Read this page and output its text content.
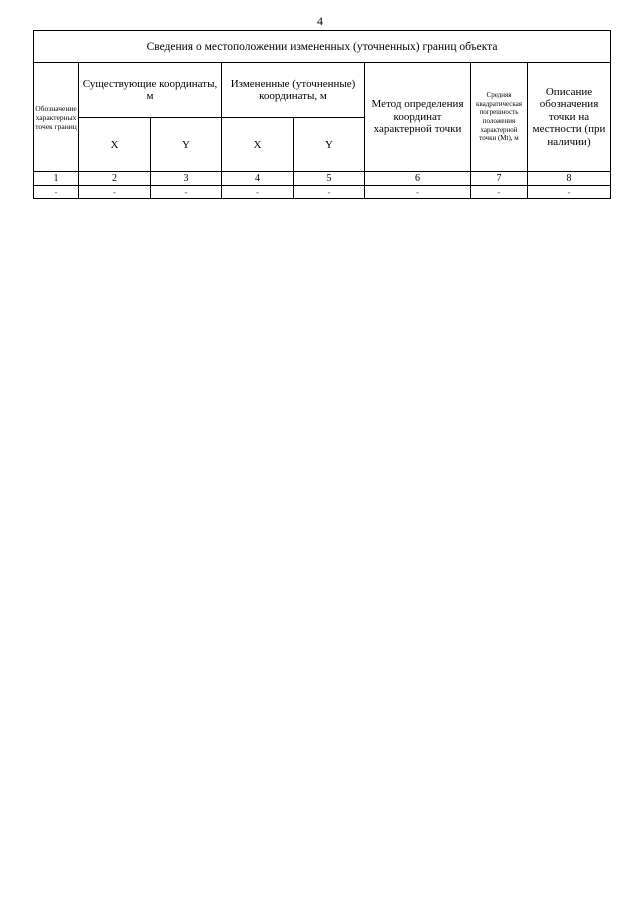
4
Сведения о местоположении измененных (уточненных) границ объекта							
Обозначение характерных точек границ	Существующие координаты, м		Измененные (уточненные) координаты, м		Метод определения координат характерной точки	Средняя квадратическая погрешность положения характерной точки (Mt), м	Описание обозначения точки на местности (при наличии)
	X	Y	X	Y			
1	2	3	4	5	6	7	8
-	-	-	-	-	-	-	-
